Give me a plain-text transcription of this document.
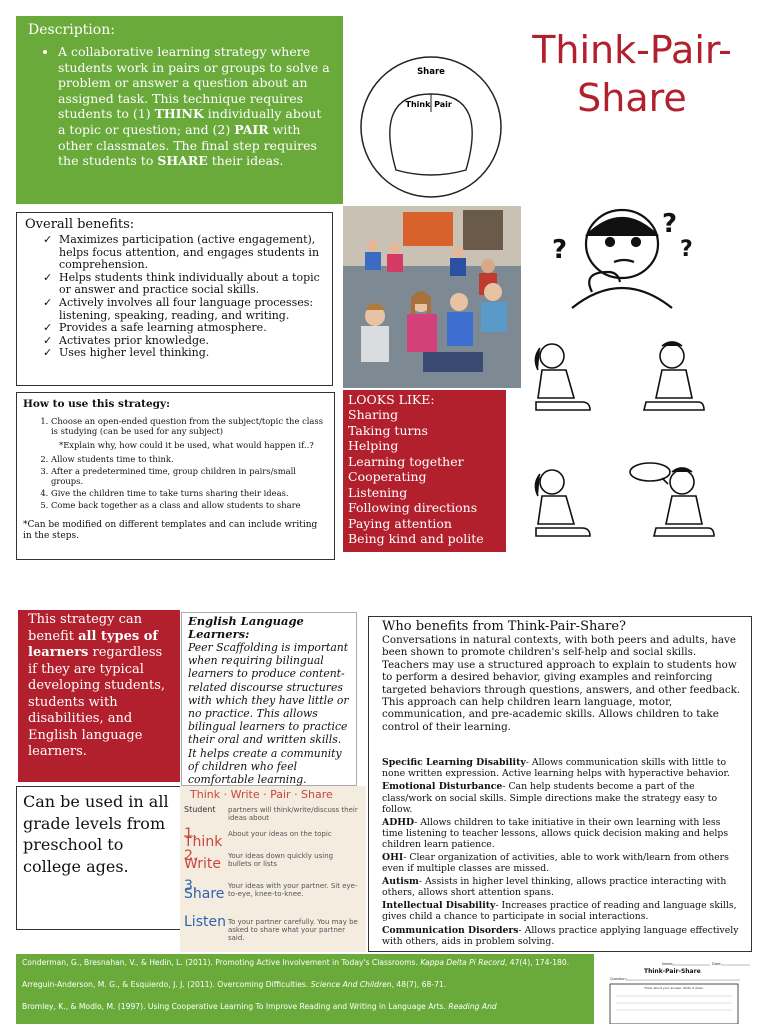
Description:
• A collaborative learning strategy where students work in pairs or groups to solve a problem or answer a question about an assigned task. This technique requires students to (1) THINK individually about a topic or question; and (2) PAIR with other classmates. The final step requires the students to SHARE their ideas.
Think-Pair-Share
Share
Think Pair
Overall benefits:
✓ Maximizes participation (active engagement), helps focus attention, and engages students in comprehension.
✓ Helps students think individually about a topic or answer and practice social skills.
✓ Actively involves all four language processes: listening, speaking, reading, and writing.
✓ Provides a safe learning atmosphere.
✓ Activates prior knowledge.
✓ Uses higher level thinking.
?
?
?
How to use this strategy:
1. Choose an open-ended question from the subject/topic the class is studying (can be used for any subject)
*Explain why, how could it be used, what would happen if..?
2. Allow students time to think.
3. After a predetermined time, group children in pairs/small groups.
4. Give the children time to take turns sharing their ideas.
5. Come back together as a class and allow students to share
*Can be modified on different templates and can include writing in the steps.
LOOKS LIKE:
Sharing
Taking turns
Helping
Learning together
Cooperating
Listening
Following directions
Paying attention
Being kind and polite

This strategy can benefit all types of learners regardless if they are typical developing students, students with disabilities, and English language learners.

English Language Learners:

Peer Scaffolding is important when requiring bilingual learners to produce content-related discourse structures with which they have little or no practice. This allows bilingual learners to practice their oral and written skills. It helps create a community of children who feel comfortable learning.

Can be used in all grade levels from preschool to college ages.

Think · Write · Pair · Share
Student partners will think/write/discuss their ideas about
1. Think About your ideas on the topic
2. Write Your ideas down quickly using bullets or lists
3. Share Your ideas with your partner. Sit eye-to-eye, knee-to-knee.
Listen To your partner carefully. You may be asked to share what your partner said.
Who benefits from Think-Pair-Share?

Conversations in natural contexts, with both peers and adults, have been shown to promote children's self-help and social skills. Teachers may use a structured approach to explain to students how to perform a desired behavior, giving examples and reinforcing targeted behaviors through questions, answers, and other feedback. This approach can help children learn language, motor, communication, and pre-academic skills. Allows children to take control of their learning.

Specific Learning Disability- Allows communication skills with little to none written expression. Active learning helps with hyperactive behavior.
Emotional Disturbance- Can help students become a part of the class/work on social skills. Simple directions make the strategy easy to follow.
ADHD- Allows children to take initiative in their own learning with less time listening to teacher lessons, allows quick decision making and helps children learn patience.
OHI- Clear organization of activities, able to work with/learn from others even if multiple classes are missed.
Autism- Assists in higher level thinking, allows practice interacting with others, allows short attention spans.
Intellectual Disability- Increases practice of reading and language skills, gives child a chance to participate in social interactions.
Communication Disorders- Allows practice applying language effectively with others, aids in problem solving.

Conderman, G., Bresnahan, V., & Hedin, L. (2011). Promoting Active Involvement in Today's Classrooms. Kappa Delta Pi Record, 47(4), 174-180.

Arreguin-Anderson, M. G., & Esquierdo, J. J. (2011). Overcoming Difficulties. Science And Children, 48(7), 68-71.

Bromley, K., & Modlo, M. (1997). Using Cooperative Learning To Improve Reading and Writing in Language Arts. Reading And

Name:	Date:
Think-Pair-Share
Question:
Think about your answer. Write it down.
